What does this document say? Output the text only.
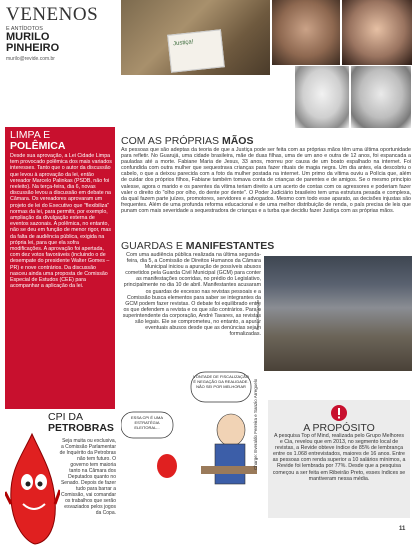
VENENOS
E ANTÍDOTOS
MURILO
PINHEIRO
murilo@revide.com.br
LIMPA E
POLÊMICA
Desde sua aprovação, a Lei Cidade Limpa tem provocado polêmica dos mais variados interesses. Tanto que o autor da discussão que levou à aprovação da lei, então vereador Marcelo Palinkas (PSDB, não foi reeleito). Na terça-feira, dia 6, novas discussão levou a discussão em debate na Câmara. Os vereadores aprovaram um projeto de lei do Executivo que "flexibiliza" normas da lei, para permitir, por exemplo, ampliação da divulgação externa de eventos sazonais. A polêmica, no entanto, não se deu em função de menor rigor, mas da falta de audiência pública, exigida na própria lei, para que ela sofra modificações. A aprovação foi apertada, com dez votos favoráveis (incluindo o de desempate do presidente Walter Gomes – PR) e nove contrários. Da discussão nasceu ainda uma proposta de Comissão Especial de Estudos (CEE) para acompanhar a aplicação da lei.
CPI DA
PETROBRAS
Seja muita ou exclusiva, a Comissão Parlamentar de Inquérito da Petrobras não tem futuro. O governo tem maioria tanto na Câmara dos Deputados quanto no Senado. Depois de fazer tudo para barrar a Comissão, vai comandar os trabalhos que serão esvaziados pelos jogos da Copa.
Justiça!
COM AS PRÓPRIAS MÃOS
As pessoas que são adeptas da teoria de que a Justiça pode ser feita com as próprias mãos têm uma última oportunidade para refletir. No Guarujá, uma cidade brasileira, mãe de duas filhas, uma de um ano e outra de 12 anos, foi espancada a pauladas até a morte. Fabiane Maria de Jesus, 33 anos, morreu por causa de um boato espalhado na internet. Foi confundida com outra mulher que sequestrava crianças para fazer rituais de magia negra. Um dia antes, ela descobriu o cabelo, o que a deixou parecida com a foto da mulher postada na internet. Um primo da vítima ouviu a Polícia que, além de cuidar dos próprios filhos, Fabiane também tomava conta de crianças de parentes e de amigos. Se o mesmo princípio valesse, agora o marido e os parentes da vítima teriam direito a um acerto de contas com os agressores e poderiam fazer valer o direito do "olho por olho, do dente por dente". O Poder Judiciário brasileiro tem uma estrutura pesada e complexa, da qual fazem parte juízes, promotores, servidores e advogados. Mesmo com todo esse aparato, as decisões injustas são frequentes. Além de uma profunda reforma educacional e de uma melhor distribuição de renda, o país precisa de leis que punam com mais severidade a sequestradora de crianças e a turba que decidiu fazer Justiça com as próprias mãos.
GUARDAS E MANIFESTANTES
Com uma audiência pública realizada na última segunda-feira, dia 5, a Comissão de Direitos Humanos da Câmara Municipal iniciou a apuração de possíveis abusos cometidos pela Guarda Civil Municipal (GCM) para conter as manifestações ocorridas, no prédio do Legislativo, principalmente no dia 10 de abril. Manifestantes acusaram os guardas de excesso nas revistas pessoais e a Comissão busca elementos para saber se integrantes da GCM podem fazer revistas. O debate foi equilibrado entre os que defendem a revista e os que são contrários. Para o superintendente da corporação, André Tavares, as revistas são legais. Ele se comprometeu, no entanto, a apurar eventuais abusos desde que as denúncias sejam formalizadas.
Foto: Divulgação
VONTADE DE FISCALIZAÇÃO É NEGAÇÃO DA REALIDADE. NÃO SEI POR MELHORAR
ESSA CPI É UMA ESTRATÉGIA ELEITORAL...	Charge: Everaldo Ferreira e Sanzio Arreguelo	A PROPÓSITO
A pesquisa Top of Mind, realizada pelo Grupo Melhores e Cia, revelou que em 2013, no segmento local de revistas, a Revide obteve índice de 85% de lembrança entre os 1.068 entrevistados, maiores de 16 anos. Entre as pessoas com renda superior a 10 salários mínimos, a Revide foi lembrada por 77%. Desde que a pesquisa começou a ser feita em Ribeirão Preto, esses índices se mantiveram nessa média.
11
